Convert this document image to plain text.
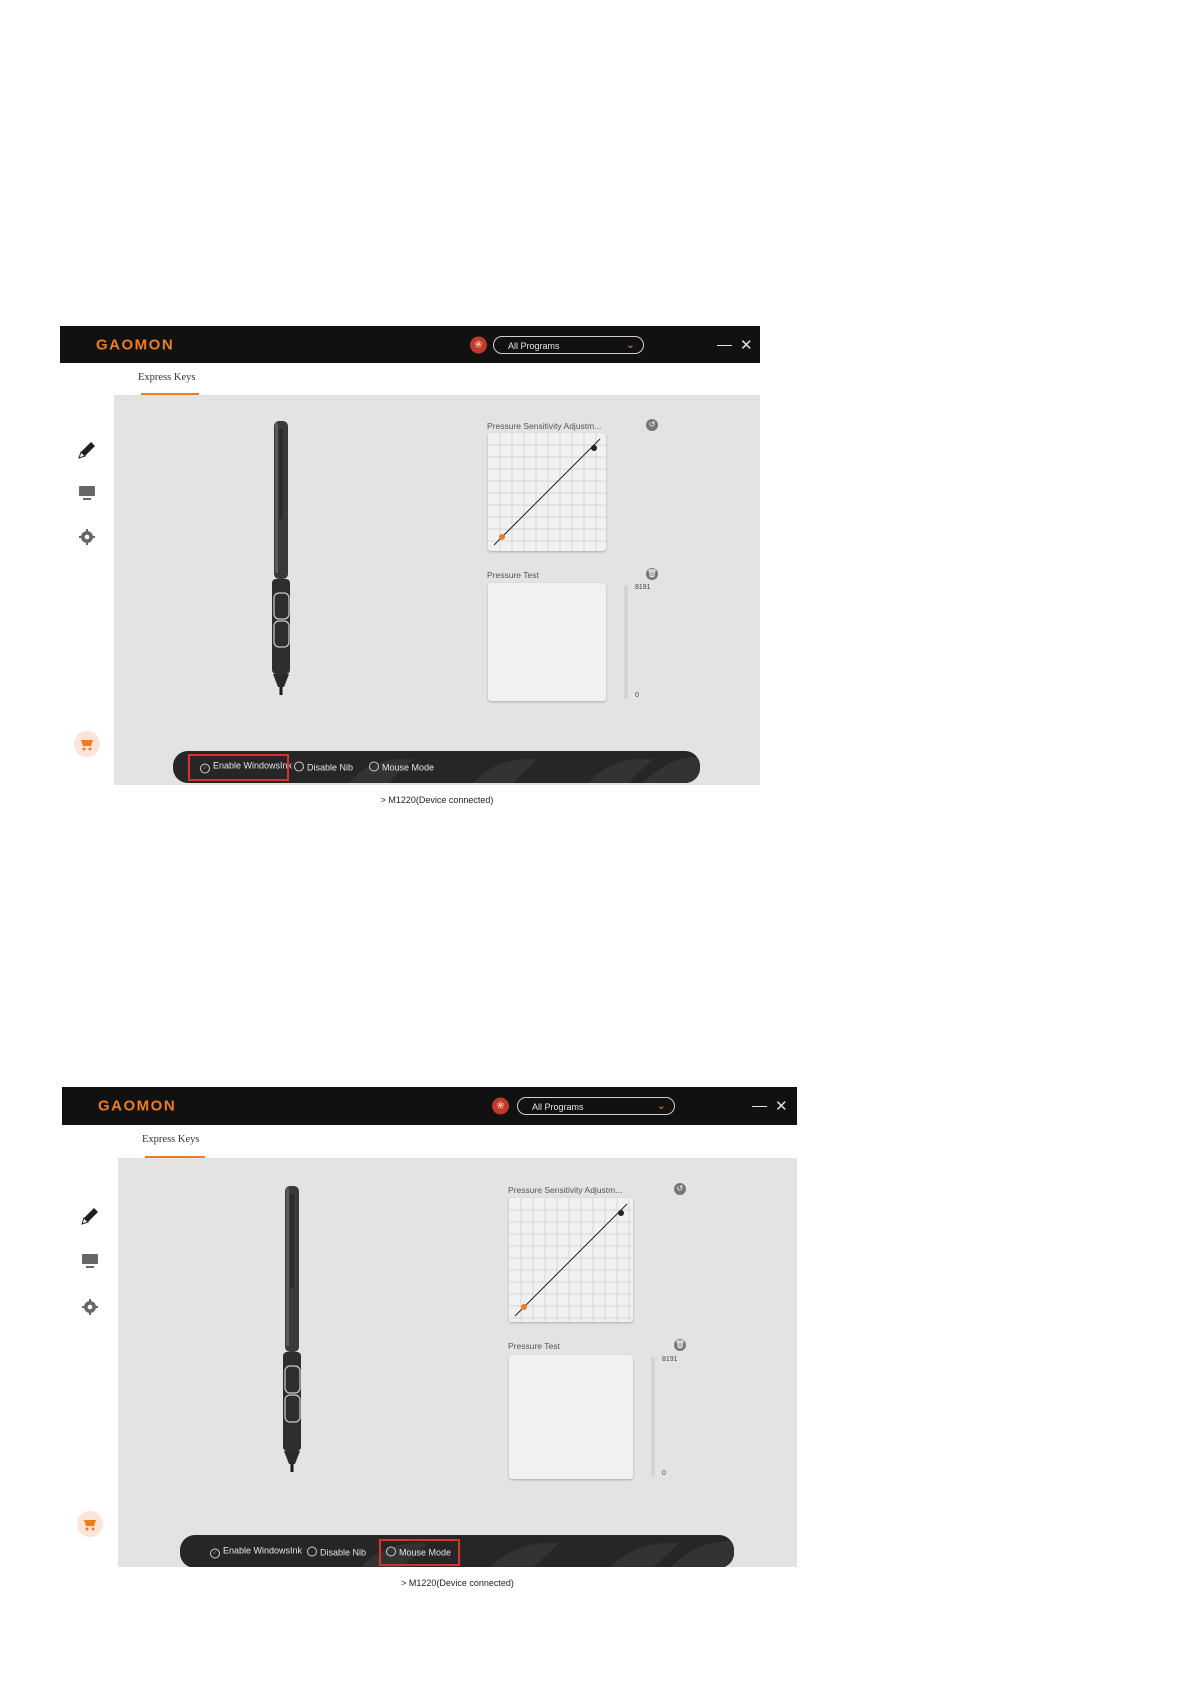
GAOMON	❀	All Programs	⌄	— ✕
Express Keys
Pressure Sensitivity Adjustm...	↺
Pressure Test	🗑
8191
0
✓ Enable WindowsInk	Disable Nib	Mouse Mode
> M1220(Device connected)
GAOMON	❀	All Programs	⌄	— ✕
Express Keys
Pressure Sensitivity Adjustm...	↺
Pressure Test	🗑
8191
0
✓ Enable WindowsInk	Disable Nib	Mouse Mode
> M1220(Device connected)
